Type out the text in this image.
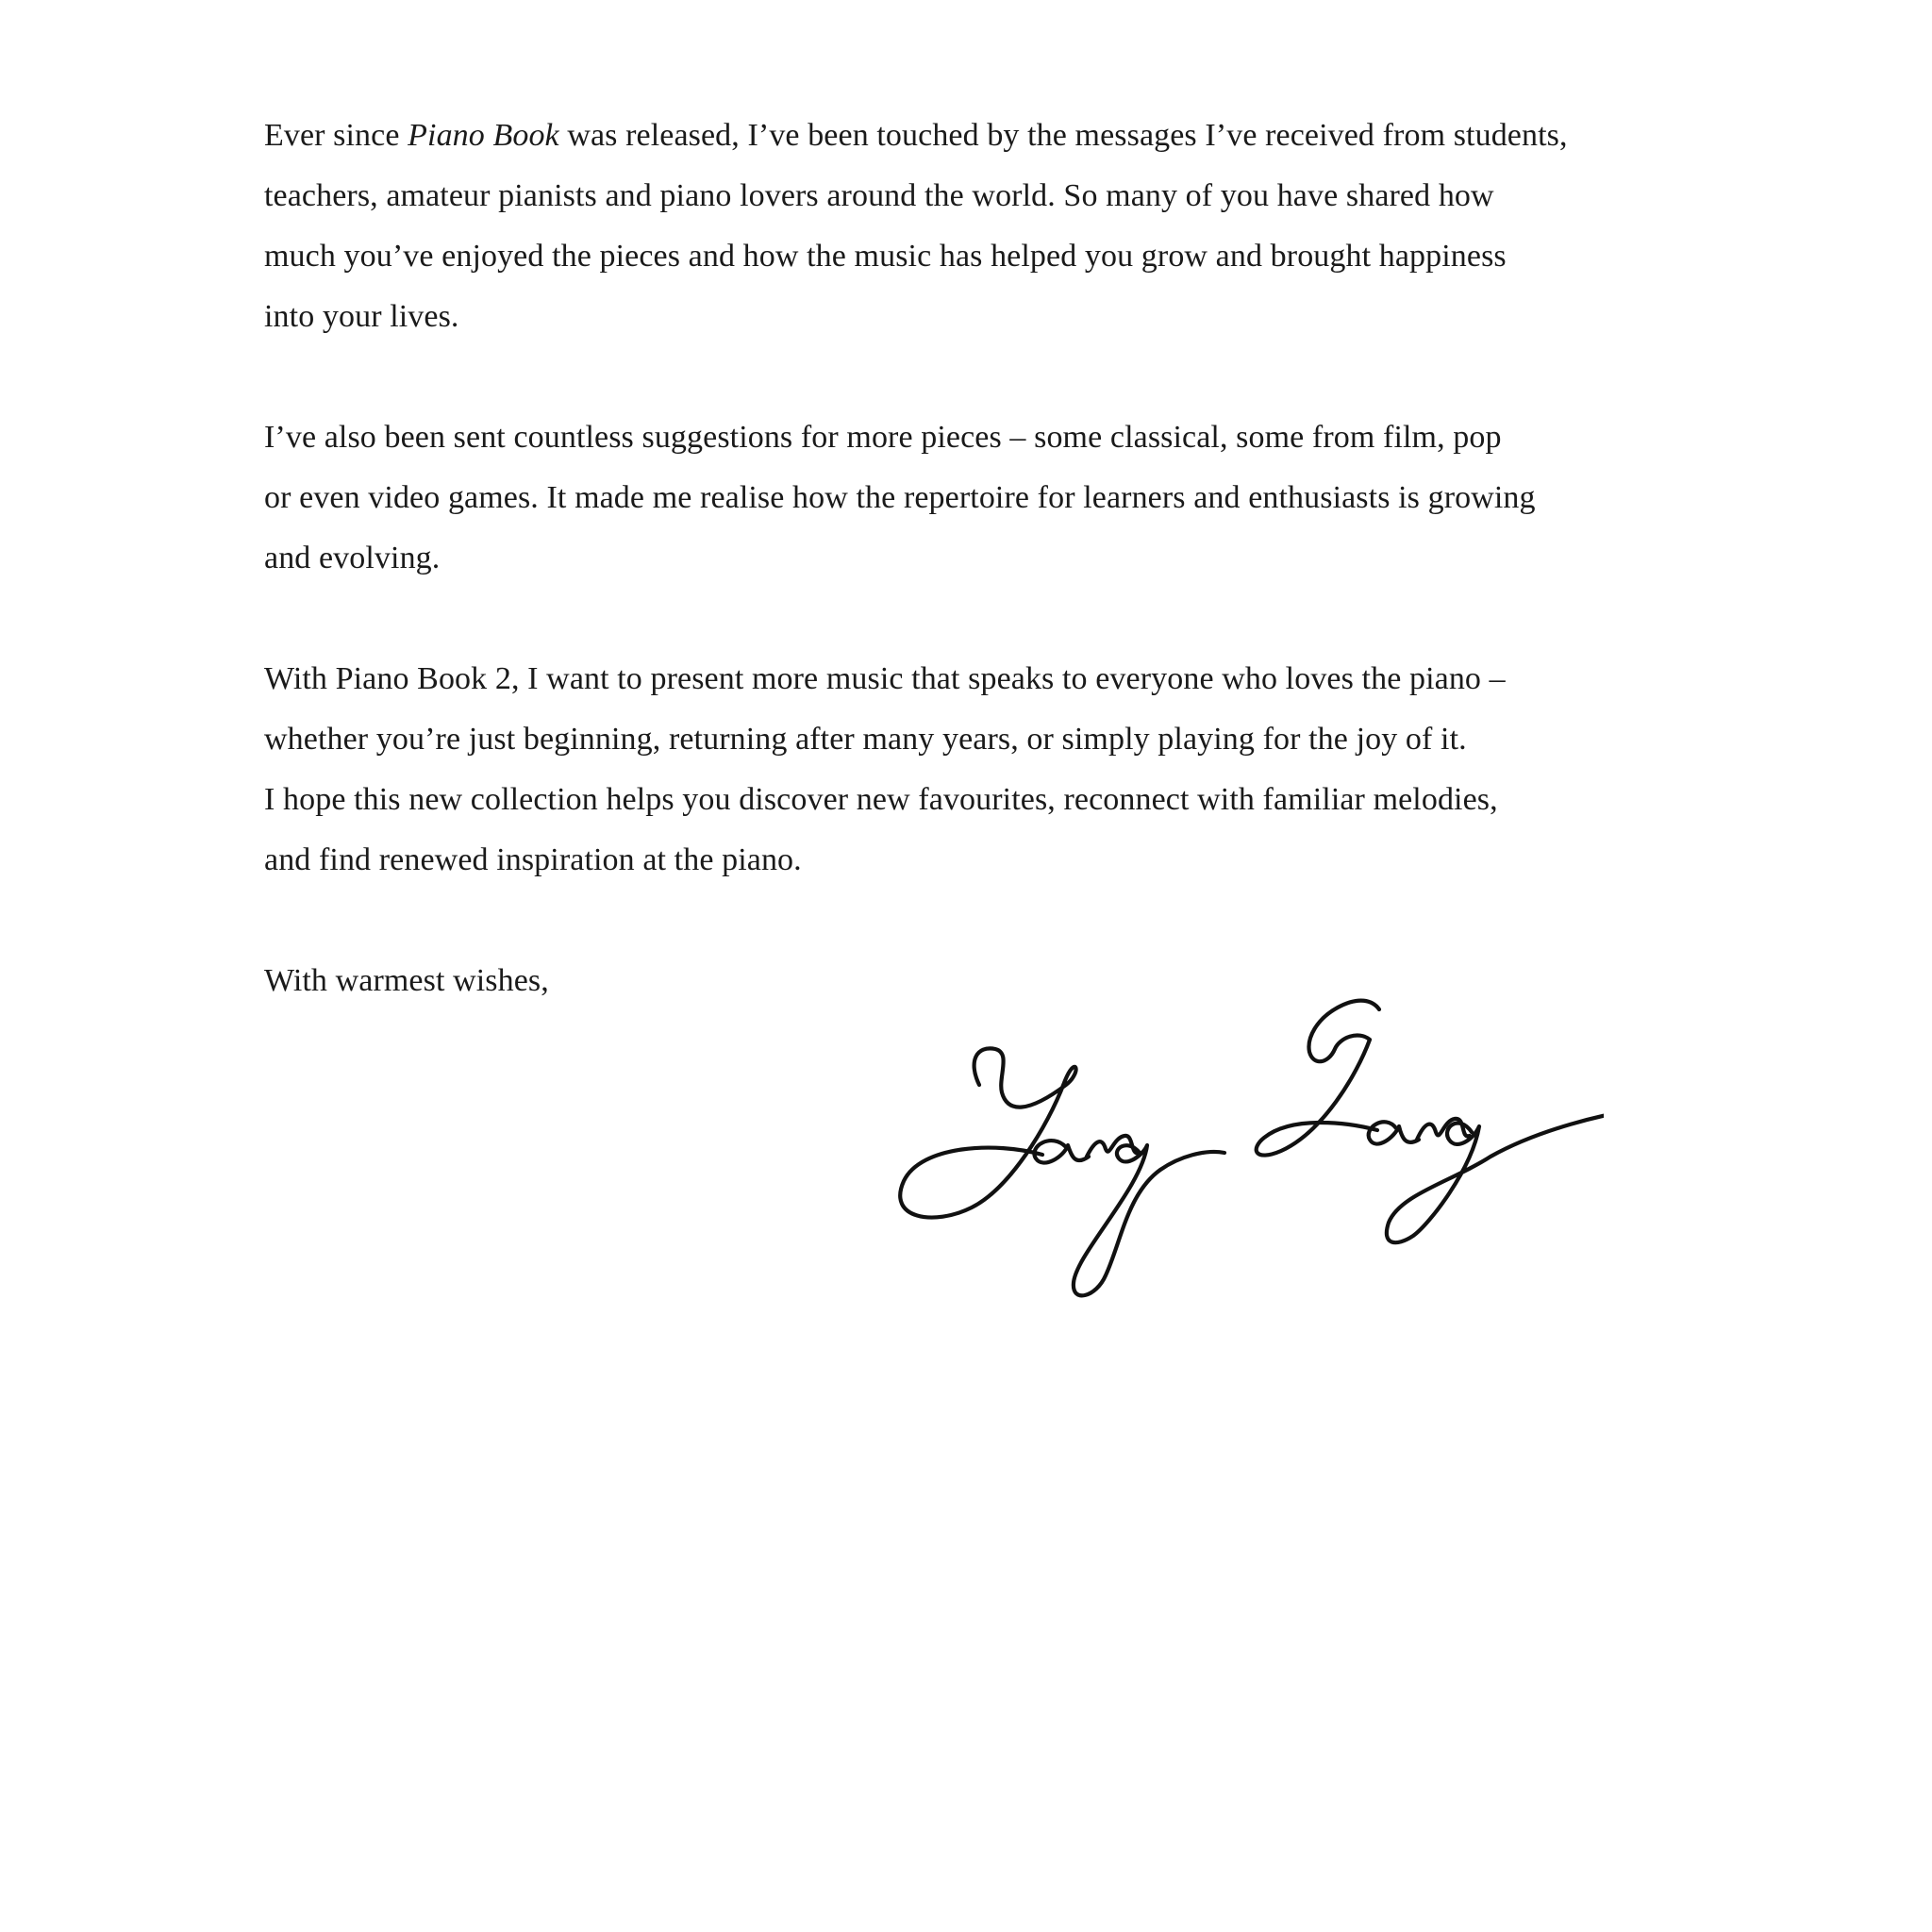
Ever since Piano Book was released, I’ve been touched by the messages I’ve received from students,
teachers, amateur pianists and piano lovers around the world. So many of you have shared how
much you’ve enjoyed the pieces and how the music has helped you grow and brought happiness
into your lives.
I’ve also been sent countless suggestions for more pieces – some classical, some from film, pop
or even video games. It made me realise how the repertoire for learners and enthusiasts is growing
and evolving.
With Piano Book 2, I want to present more music that speaks to everyone who loves the piano –
whether you’re just beginning, returning after many years, or simply playing for the joy of it.
I hope this new collection helps you discover new favourites, reconnect with familiar melodies,
and find renewed inspiration at the piano.
With warmest wishes,
